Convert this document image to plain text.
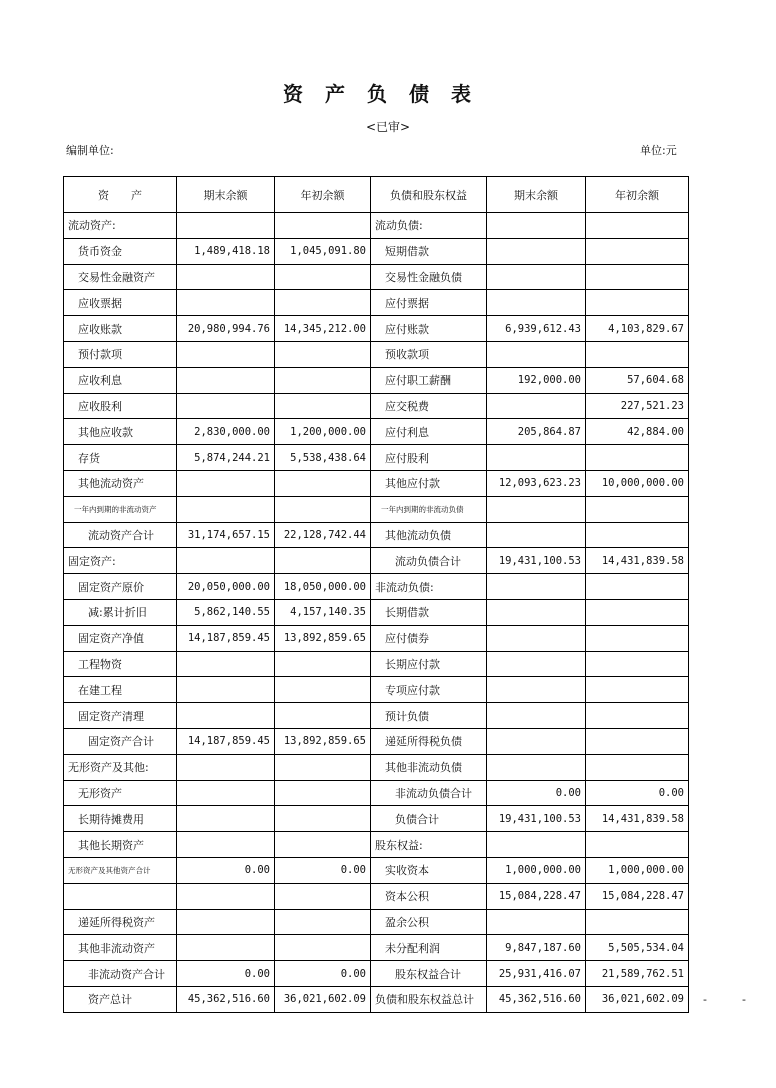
资产负债表
<已审>
编制单位:	单位:元
资　　产	期末余额	年初余额	负债和股东权益	期末余额	年初余额
流动资产:			流动负债:		
货币资金	1,489,418.18	1,045,091.80	短期借款		
交易性金融资产			交易性金融负债		
应收票据			应付票据		
应收账款	20,980,994.76	14,345,212.00	应付账款	6,939,612.43	4,103,829.67
预付款项			预收款项		
应收利息			应付职工薪酬	192,000.00	57,604.68
应收股利			应交税费		227,521.23
其他应收款	2,830,000.00	1,200,000.00	应付利息	205,864.87	42,884.00
存货	5,874,244.21	5,538,438.64	应付股利		
其他流动资产			其他应付款	12,093,623.23	10,000,000.00
一年内到期的非流动资产			一年内到期的非流动负债		
流动资产合计	31,174,657.15	22,128,742.44	其他流动负债		
固定资产:			流动负债合计	19,431,100.53	14,431,839.58
固定资产原价	20,050,000.00	18,050,000.00	非流动负债:		
减:累计折旧	5,862,140.55	4,157,140.35	长期借款		
固定资产净值	14,187,859.45	13,892,859.65	应付债券		
工程物资			长期应付款		
在建工程			专项应付款		
固定资产清理			预计负债		
固定资产合计	14,187,859.45	13,892,859.65	递延所得税负债		
无形资产及其他:			其他非流动负债		
无形资产			非流动负债合计	0.00	0.00
长期待摊费用			负债合计	19,431,100.53	14,431,839.58
其他长期资产			股东权益:		
无形资产及其他资产合计	0.00	0.00	实收资本	1,000,000.00	1,000,000.00
			资本公积	15,084,228.47	15,084,228.47
递延所得税资产			盈余公积		
其他非流动资产			未分配利润	9,847,187.60	5,505,534.04
非流动资产合计	0.00	0.00	股东权益合计	25,931,416.07	21,589,762.51
资产总计	45,362,516.60	36,021,602.09	负债和股东权益总计	45,362,516.60	36,021,602.09 -	-
